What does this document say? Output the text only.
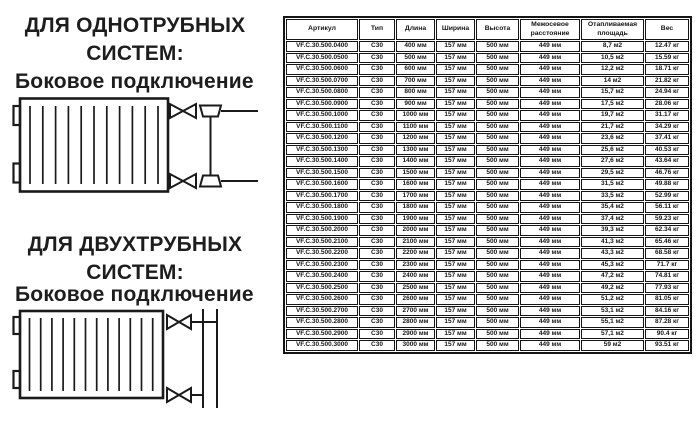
ДЛЯ ОДНОТРУБНЫХ СИСТЕМ:
Боковое подключение
ДЛЯ ДВУХТРУБНЫХ СИСТЕМ:
Боковое подключение
Артикул	Тип	Длина	Ширина	Высота	Межосевое расстояние	Отапливаемая площадь	Вес
VF.C.30.500.0400	C30	400 мм	157 мм	500 мм	449 мм	8,7 м2	12.47 кг
VF.C.30.500.0500	C30	500 мм	157 мм	500 мм	449 мм	10,5 м2	15.59 кг
VF.C.30.500.0600	C30	600 мм	157 мм	500 мм	449 мм	12,2 м2	18.71 кг
VF.C.30.500.0700	C30	700 мм	157 мм	500 мм	449 мм	14 м2	21.82 кг
VF.C.30.500.0800	C30	800 мм	157 мм	500 мм	449 мм	15,7 м2	24.94 кг
VF.C.30.500.0900	C30	900 мм	157 мм	500 мм	449 мм	17,5 м2	28.06 кг
VF.C.30.500.1000	C30	1000 мм	157 мм	500 мм	449 мм	19,7 м2	31.17 кг
VF.C.30.500.1100	C30	1100 мм	157 мм	500 мм	449 мм	21,7 м2	34.29 кг
VF.C.30.500.1200	C30	1200 мм	157 мм	500 мм	449 мм	23,6 м2	37.41 кг
VF.C.30.500.1300	C30	1300 мм	157 мм	500 мм	449 мм	25,6 м2	40.53 кг
VF.C.30.500.1400	C30	1400 мм	157 мм	500 мм	449 мм	27,6 м2	43.64 кг
VF.C.30.500.1500	C30	1500 мм	157 мм	500 мм	449 мм	29,5 м2	46.76 кг
VF.C.30.500.1600	C30	1600 мм	157 мм	500 мм	449 мм	31,5 м2	49.88 кг
VF.C.30.500.1700	C30	1700 мм	157 мм	500 мм	449 мм	33,5 м2	52.99 кг
VF.C.30.500.1800	C30	1800 мм	157 мм	500 мм	449 мм	35,4 м2	56.11 кг
VF.C.30.500.1900	C30	1900 мм	157 мм	500 мм	449 мм	37,4 м2	59.23 кг
VF.C.30.500.2000	C30	2000 мм	157 мм	500 мм	449 мм	39,3 м2	62.34 кг
VF.C.30.500.2100	C30	2100 мм	157 мм	500 мм	449 мм	41,3 м2	65.46 кг
VF.C.30.500.2200	C30	2200 мм	157 мм	500 мм	449 мм	43,3 м2	68.58 кг
VF.C.30.500.2300	C30	2300 мм	157 мм	500 мм	449 мм	45,3 м2	71.7 кг
VF.C.30.500.2400	C30	2400 мм	157 мм	500 мм	449 мм	47,2 м2	74.81 кг
VF.C.30.500.2500	C30	2500 мм	157 мм	500 мм	449 мм	49,2 м2	77.93 кг
VF.C.30.500.2600	C30	2600 мм	157 мм	500 мм	449 мм	51,2 м2	81.05 кг
VF.C.30.500.2700	C30	2700 мм	157 мм	500 мм	449 мм	53,1 м2	84.16 кг
VF.C.30.500.2800	C30	2800 мм	157 мм	500 мм	449 мм	55,1 м2	87.28 кг
VF.C.30.500.2900	C30	2900 мм	157 мм	500 мм	449 мм	57,1 м2	90.4 кг
VF.C.30.500.3000	C30	3000 мм	157 мм	500 мм	449 мм	59 м2	93.51 кг
